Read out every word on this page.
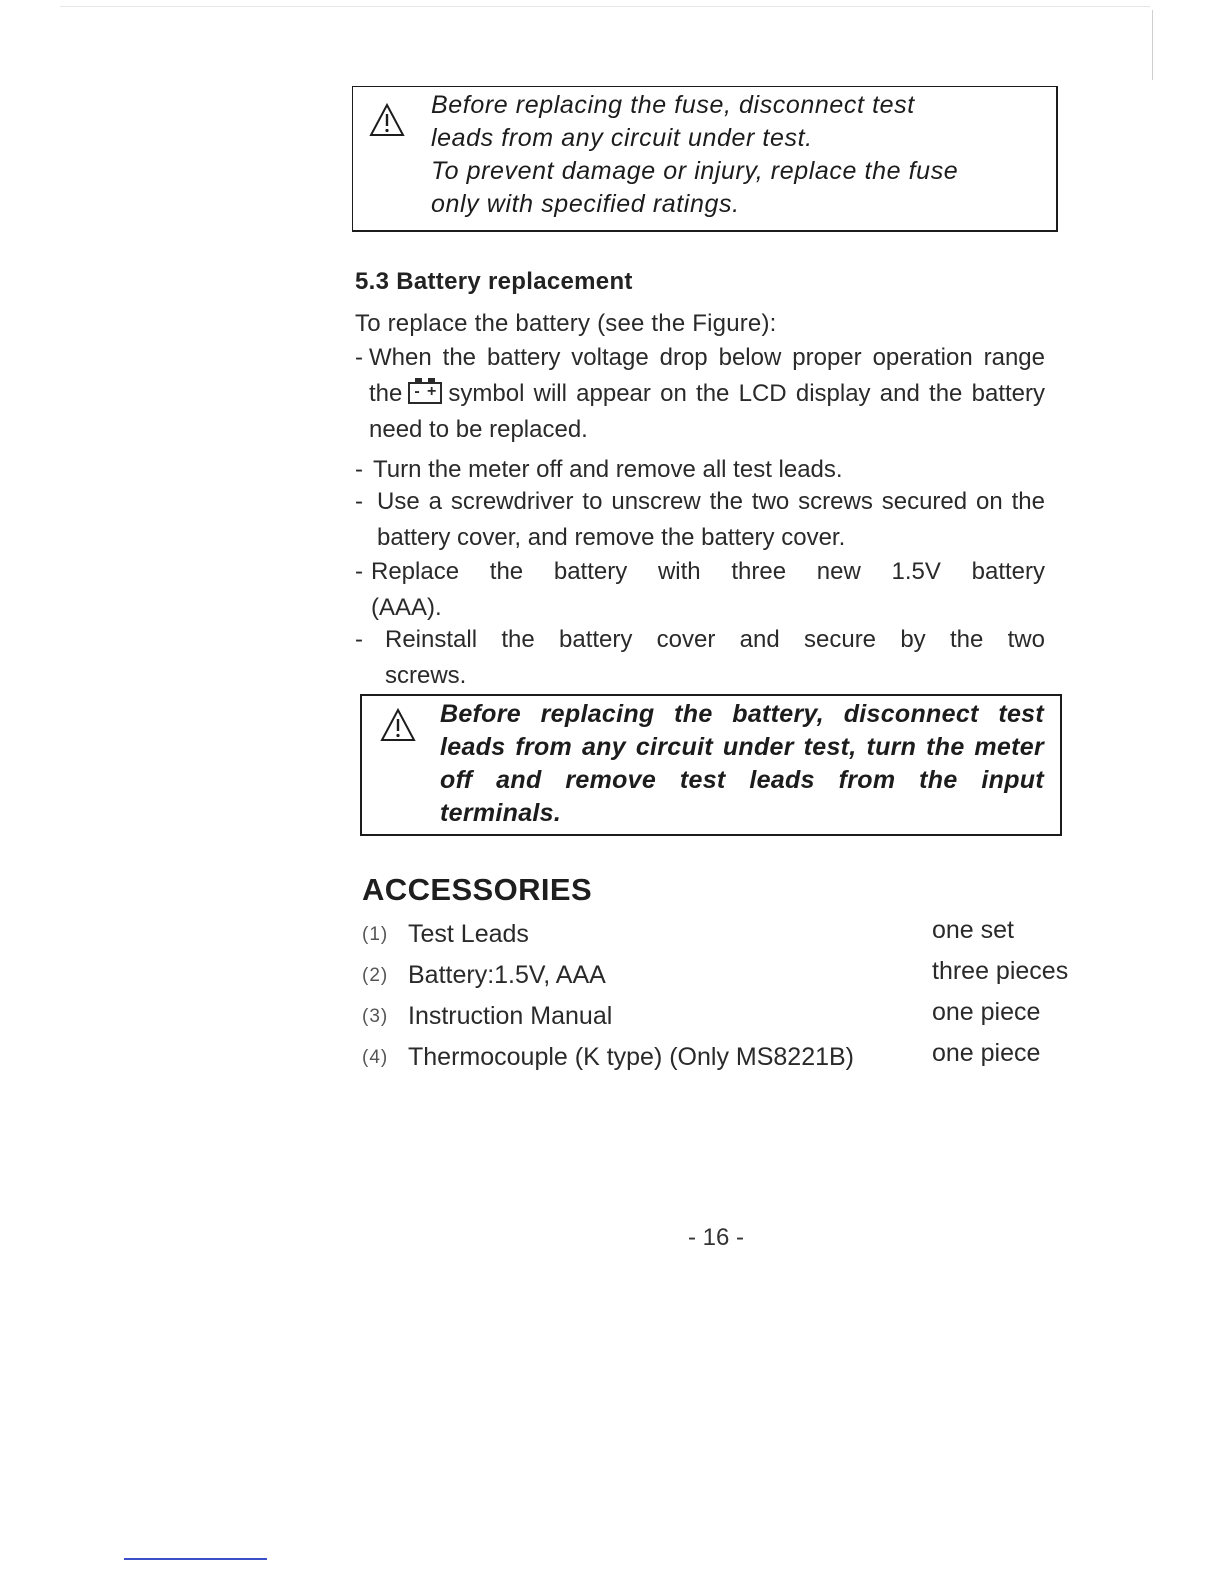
Before replacing the fuse, disconnect test
leads from any circuit under test.
To prevent damage or injury, replace the fuse
only with specified ratings.

5.3 Battery replacement

To replace the battery (see the Figure):

- When the battery voltage drop below proper operation range the - + symbol will appear on the LCD display and the battery need to be replaced.

- Turn the meter off and remove all test leads.

- Use a screwdriver to unscrew the two screws secured on the battery cover, and remove the battery cover.

- Replace the battery with three new 1.5V battery (AAA).

- Reinstall the battery cover and secure by the two screws.

Before replacing the battery, disconnect test leads from any circuit under test, turn the meter off and remove test leads from the input terminals.

ACCESSORIES
(1) Test Leads	one set
(2) Battery:1.5V, AAA	three pieces
(3) Instruction Manual	one piece
(4) Thermocouple (K type) (Only MS8221B)	one piece

- 16 -
